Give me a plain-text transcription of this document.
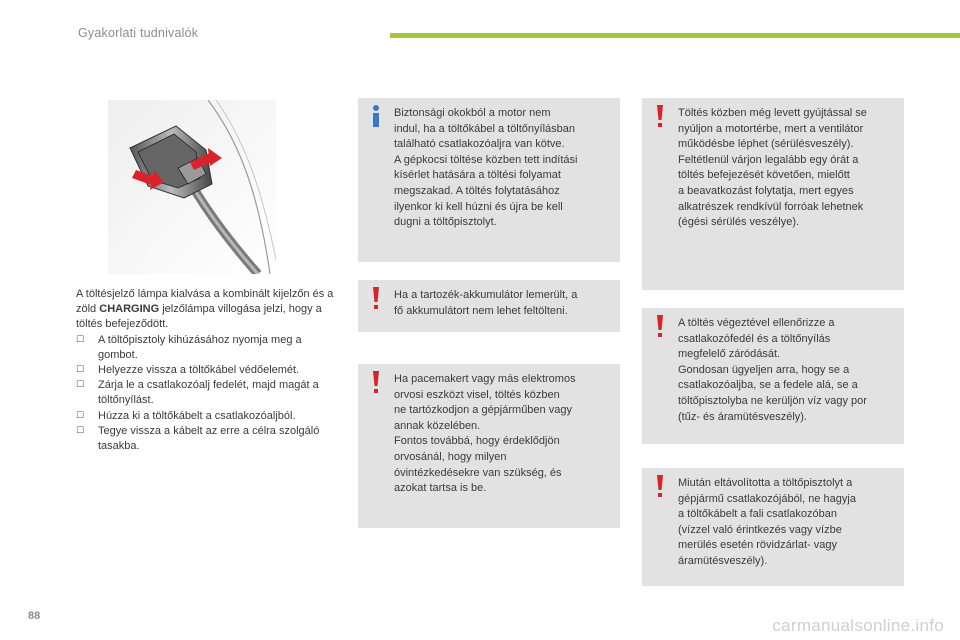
Gyakorlati tudnivalók

A töltésjelző lámpa kialvása a kombinált kijelzőn és a zöld CHARGING jelzőlámpa villogása jelzi, hogy a töltés befejeződött.

☐ A töltőpisztoly kihúzásához nyomja meg a gombot.
☐ Helyezze vissza a töltőkábel védőelemét.
☐ Zárja le a csatlakozóalj fedelét, majd magát a töltőnyílást.
☐ Húzza ki a töltőkábelt a csatlakozóaljból.
☐ Tegye vissza a kábelt az erre a célra szolgáló tasakba.
Biztonsági okokból a motor nem
indul, ha a töltőkábel a töltőnyílásban
található csatlakozóaljra van kötve.
A gépkocsi töltése közben tett indítási
kísérlet hatására a töltési folyamat
megszakad. A töltés folytatásához
ilyenkor ki kell húzni és újra be kell
dugni a töltőpisztolyt.
Ha a tartozék-akkumulátor lemerült, a
fő akkumulátort nem lehet feltölteni.
Ha pacemakert vagy más elektromos
orvosi eszközt visel, töltés közben
ne tartózkodjon a gépjárműben vagy
annak közelében.
Fontos továbbá, hogy érdeklődjön
orvosánál, hogy milyen
óvintézkedésekre van szükség, és
azokat tartsa is be.
Töltés közben még levett gyújtással se
nyúljon a motortérbe, mert a ventilátor
működésbe léphet (sérülésveszély).
Feltétlenül várjon legalább egy órát a
töltés befejezését követően, mielőtt
a beavatkozást folytatja, mert egyes
alkatrészek rendkívül forróak lehetnek
(égési sérülés veszélye).
A töltés végeztével ellenőrizze a
csatlakozófedél és a töltőnyílás
megfelelő záródását.
Gondosan ügyeljen arra, hogy se a
csatlakozóaljba, se a fedele alá, se a
töltőpisztolyba ne kerüljön víz vagy por
(tűz- és áramütésveszély).
Miután eltávolította a töltőpisztolyt a
gépjármű csatlakozójából, ne hagyja
a töltőkábelt a fali csatlakozóban
(vízzel való érintkezés vagy vízbe
merülés esetén rövidzárlat- vagy
áramütésveszély).
88	carmanualsonline.info
